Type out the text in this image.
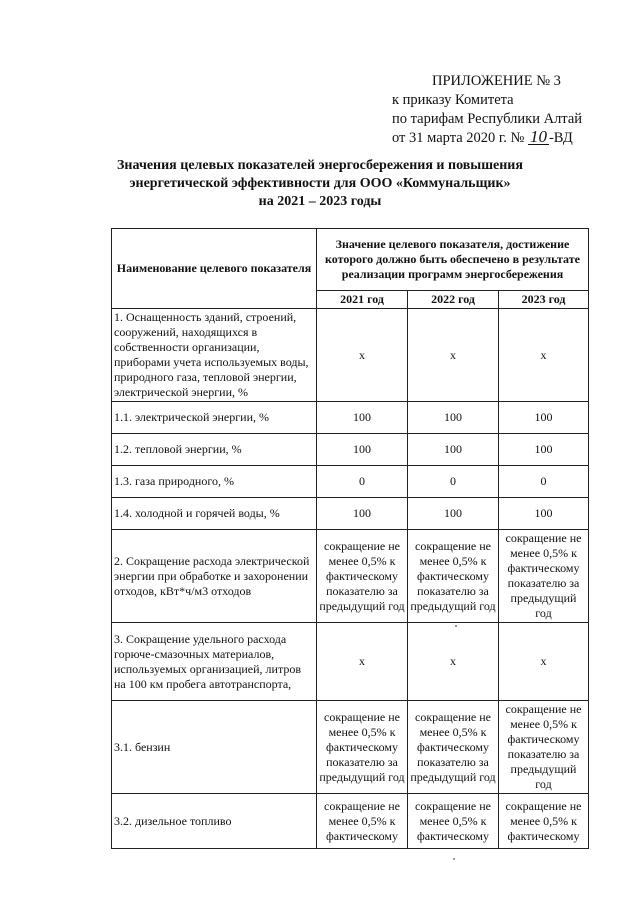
ПРИЛОЖЕНИЕ № 3
к приказу Комитета
по тарифам Республики Алтай
от 31 марта 2020 г. № 10 -ВД
Значения целевых показателей энергосбережения и повышения
энергетической эффективности для ООО «Коммунальщик»
на 2021 – 2023 годы
Наименование целевого показателя	Значение целевого показателя, достижение которого должно быть обеспечено в результате реализации программ энергосбережения		
	2021 год	2022 год	2023 год
1. Оснащенность зданий, строений, сооружений, находящихся в собственности организации, приборами учета используемых воды, природного газа, тепловой энергии, электрической энергии, %	х	х	х
1.1. электрической энергии, %	100	100	100
1.2. тепловой энергии, %	100	100	100
1.3. газа природного, %	0	0	0
1.4. холодной и горячей воды, %	100	100	100
2. Сокращение расхода электрической энергии при обработке и захоронении отходов, кВт*ч/м3 отходов	сокращение не менее 0,5% к фактическому показателю за предыдущий год	сокращение не менее 0,5% к фактическому показателю за предыдущий год	сокращение не менее 0,5% к фактическому показателю за предыдущий год
3. Сокращение удельного расхода горюче-смазочных материалов, используемых организацией, литров на 100 км пробега автотранспорта,	х	х	х
3.1. бензин	сокращение не менее 0,5% к фактическому показателю за предыдущий год	сокращение не менее 0,5% к фактическому показателю за предыдущий год	сокращение не менее 0,5% к фактическому показателю за предыдущий год
3.2. дизельное топливо	сокращение не менее 0,5% к фактическому	сокращение не менее 0,5% к фактическому	сокращение не менее 0,5% к фактическому
